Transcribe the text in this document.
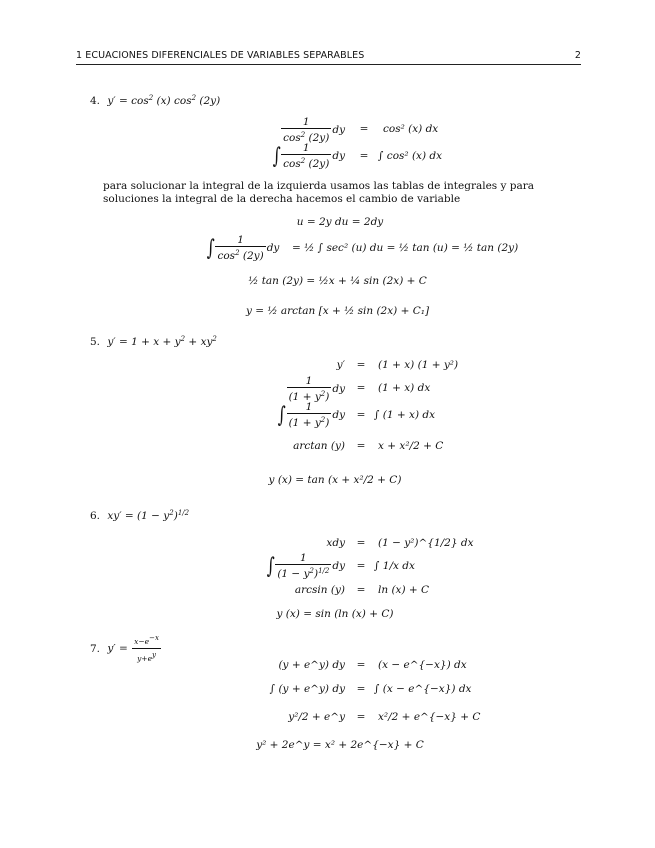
1 ECUACIONES DIFERENCIALES DE VARIABLES SEPARABLES	2
4. $y' = \cos^2 (x)$ $\cos^2 (2y)$
$\frac{1}{\cos^2 (2y)}$ dy = cos² (x) dx
∫ $\frac{1}{\cos^2 (2y)}$ dy = ∫ cos² (x) dx
para solucionar la integral de la izquierda usamos las tablas de integrales y para soluciones la integral de la derecha hacemos el cambio de variable
u = 2y du = 2dy
∫ $\frac{1}{\cos^2 (2y)}$ dy = ½ ∫ sec² (u) du = ½ tan (u) = ½ tan (2y)
½ tan (2y) = ½x + ¼ sin (2x) + C
y = ½ arctan [x + ½ sin (2x) + C₁]
5. $y' = 1 + x + y^2 + xy^2$
y′ = (1 + x) (1 + y²)
$\frac{1}{(1 + y^2)}$ dy = (1 + x) dx
∫ $\frac{1}{(1 + y^2)}$ dy = ∫ (1 + x) dx
arctan (y) = x + x²/2 + C
y (x) = tan (x + x²/2 + C)
6. $xy' = (1 - y^2)^{1/2}$
xdy = (1 − y²)^{1/2} dx
∫ $\frac{1}{(1 - y^2)^{1/2}}$ dy = ∫ 1/x dx
arcsin (y) = ln (x) + C
y (x) = sin (ln (x) + C)
7. $y' = \frac{x-e^{-x}}{y+e^y}$	(y + e^y) dy = (x − e^{−x}) dx
∫ (y + e^y) dy = ∫ (x − e^{−x}) dx
y²/2 + e^y = x²/2 + e^{−x} + C
y² + 2e^y = x² + 2e^{−x} + C
